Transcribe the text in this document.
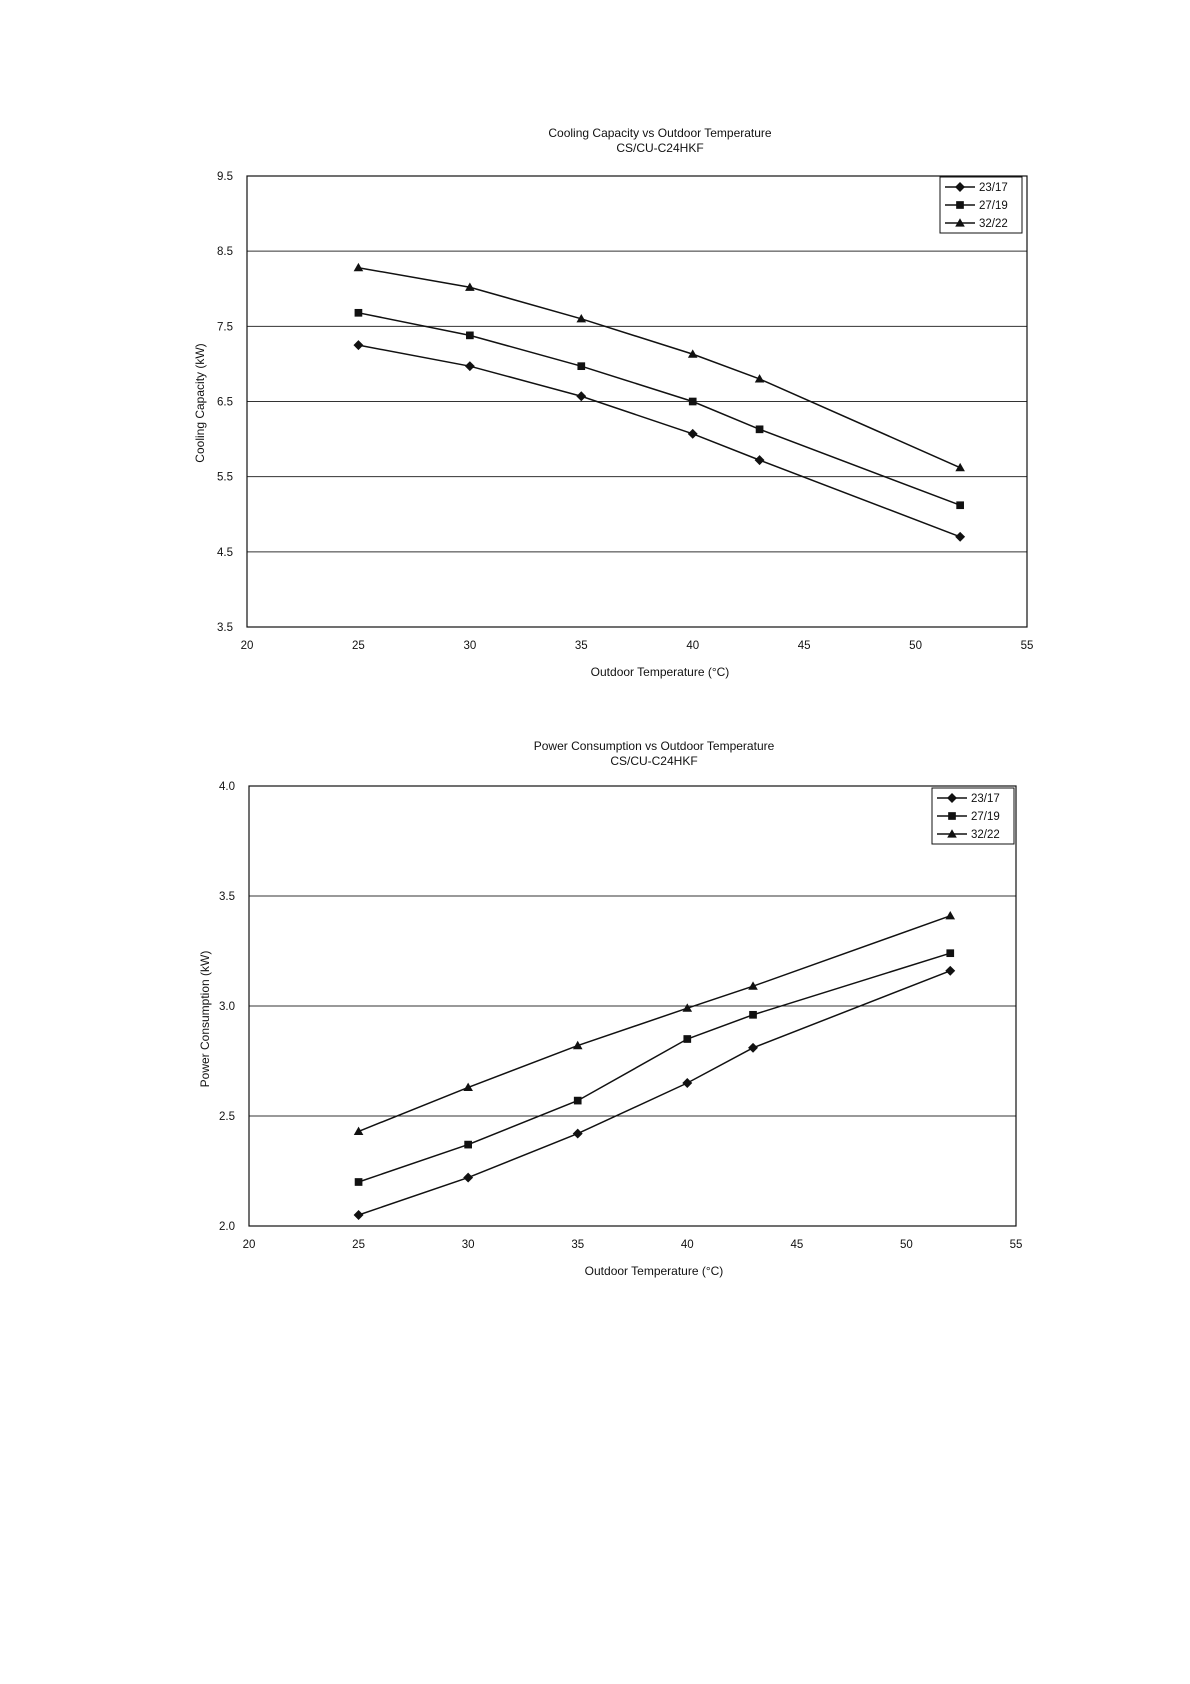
Cooling Capacity vs Outdoor Temperature
CS/CU-C24HKF
Outdoor Temperature (°C)
Cooling Capacity (kW)
3.5
4.5
5.5
6.5
7.5
8.5
9.5
20	25	30	35	40	45	50	55
23/17
27/19
32/22
Power Consumption vs Outdoor Temperature
CS/CU-C24HKF
Outdoor Temperature (°C)
Power Consumption (kW)
2.0
2.5
3.0
3.5
4.0
20	25	30	35	40	45	50	55
23/17
27/19
32/22
